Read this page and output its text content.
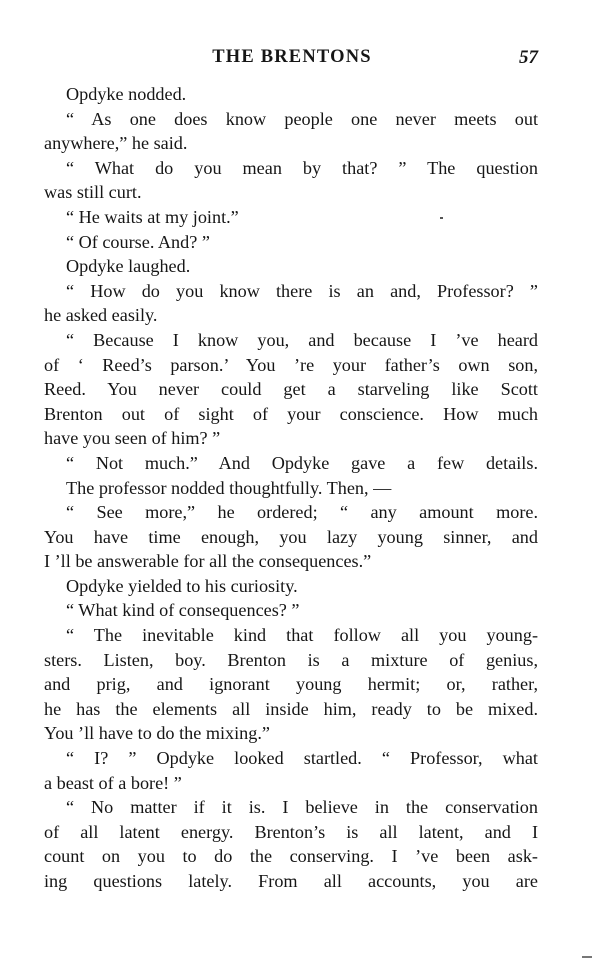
THE BRENTONS	57
Opdyke nodded.
“ As one does know people one never meets out
anywhere,” he said.
“ What do you mean by that? ” The question
was still curt.
“ He waits at my joint.”
“ Of course. And? ”
Opdyke laughed.
“ How do you know there is an and, Professor? ”
he asked easily.
“ Because I know you, and because I ’ve heard
of ‘ Reed’s parson.’ You ’re your father’s own son,
Reed. You never could get a starveling like Scott
Brenton out of sight of your conscience. How much
have you seen of him? ”
“ Not much.” And Opdyke gave a few details.
The professor nodded thoughtfully. Then, —
“ See more,” he ordered; “ any amount more.
You have time enough, you lazy young sinner, and
I ’ll be answerable for all the consequences.”
Opdyke yielded to his curiosity.
“ What kind of consequences? ”
“ The inevitable kind that follow all you young-
sters. Listen, boy. Brenton is a mixture of genius,
and prig, and ignorant young hermit; or, rather,
he has the elements all inside him, ready to be mixed.
You ’ll have to do the mixing.”
“ I? ” Opdyke looked startled. “ Professor, what
a beast of a bore! ”
“ No matter if it is. I believe in the conservation
of all latent energy. Brenton’s is all latent, and I
count on you to do the conserving. I ’ve been ask-
ing questions lately. From all accounts, you are
